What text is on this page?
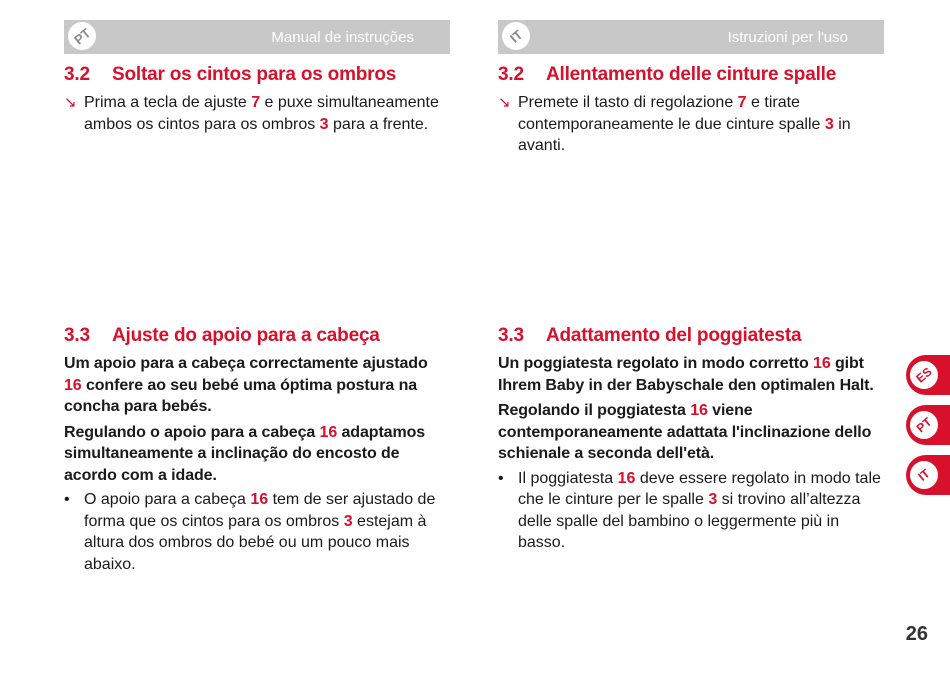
PT	Manual de instruções
3.2 Soltar os cintos para os ombros
↘ Prima a tecla de ajuste 7 e puxe simultaneamente ambos os cintos para os ombros 3 para a frente.
3.3 Ajuste do apoio para a cabeça

Um apoio para a cabeça correctamente ajustado 16 confere ao seu bebé uma óptima postura na concha para bebés.

Regulando o apoio para a cabeça 16 adaptamos simultaneamente a inclinação do encosto de acordo com a idade.

• O apoio para a cabeça 16 tem de ser ajustado de forma que os cintos para os ombros 3 estejam à altura dos ombros do bebé ou um pouco mais abaixo.
IT	Istruzioni per l'uso
3.2 Allentamento delle cinture spalle
↘ Premete il tasto di regolazione 7 e tirate contemporaneamente le due cinture spalle 3 in avanti.
3.3 Adattamento del poggiatesta

Un poggiatesta regolato in modo corretto 16 gibt Ihrem Baby in der Babyschale den optimalen Halt.

Regolando il poggiatesta 16 viene contemporaneamente adattata l'inclinazione dello schienale a seconda dell'età.

• Il poggiatesta 16 deve essere regolato in modo tale che le cinture per le spalle 3 si trovino all’altezza delle spalle del bambino o leggermente più in basso.
ES
PT
IT
26
